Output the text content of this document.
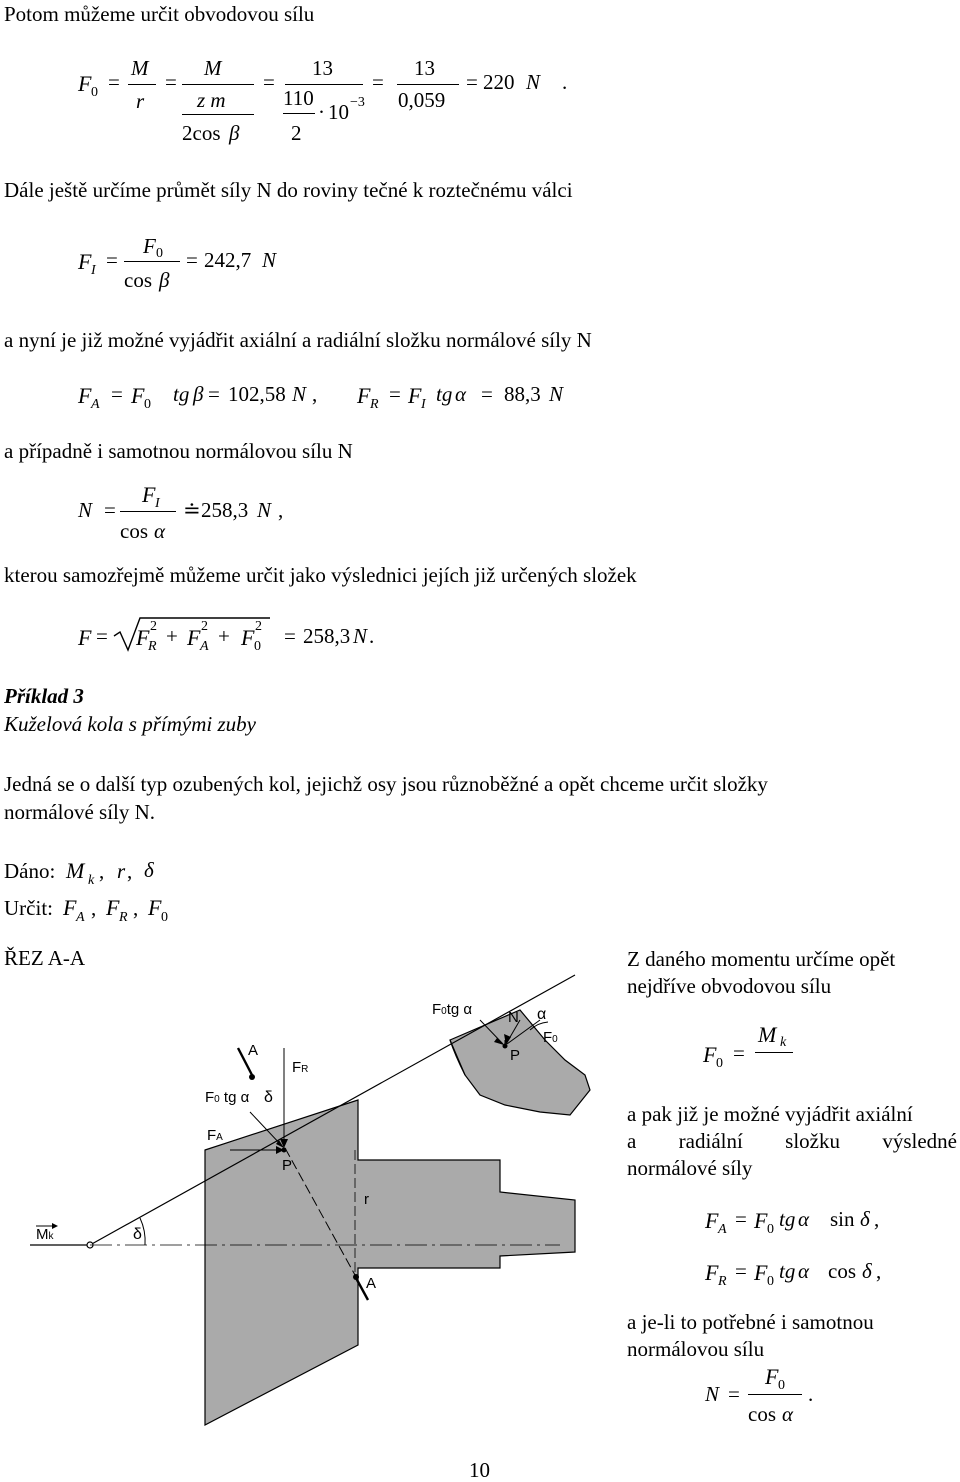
Potom můžeme určit obvodovou sílu
F 0 =
M
r
=
M
z m
2cos β
=
13
110
2
· 10 −3
=
13
0,059
= 220 N .
Dále ještě určíme průmět síly N do roviny tečné k roztečnému válci
F I =
F 0
cos β
= 242,7 N
a nyní je již možné vyjádřit axiální a radiální složku normálové síly N
F A = F 0 tg β = 102,58 N , F R = F I tg α = 88,3 N
a případně i samotnou normálovou sílu N
N =
F I
cos α
≐ 258,3 N ,
kterou samozřejmě můžeme určit jako výslednici jejích již určených složek
F = F
R
2 + F A
2 + F 0
2 = 258,3 N .
Příklad 3
Kuželová kola s přímými zuby
Jedná se o další typ ozubených kol, jejichž osy jsou různoběžné a opět chceme určit složky
normálové síly N.
Dáno: M k , r , δ
Určit: F A , F R , F 0
ŘEZ A-A
A
FR
F0 tg α δ
FA
P
r
Mk	δ
A
F0tg α N α
F0
P
Z daného momentu určíme opět
nejdříve obvodovou sílu
F 0 =
M k
a pak již je možné vyjádřit axiální
a radiální složku výsledné
normálové síly
F A = F 0 tg α sin δ ,
F R = F 0 tg α cos δ ,
a je-li to potřebné i samotnou
normálovou sílu
N =
F 0
cos α
.
10
